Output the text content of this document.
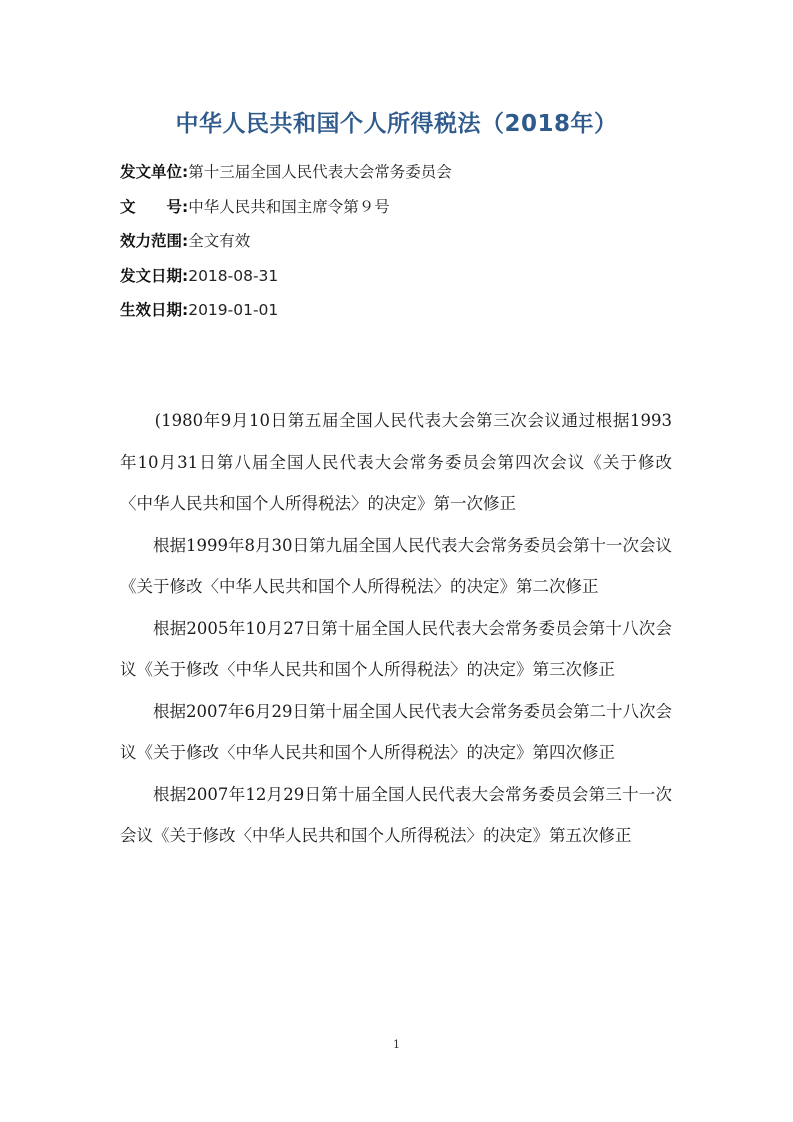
中华人民共和国个人所得税法（2018年）
发文单位:第十三届全国人民代表大会常务委员会
文　　号:中华人民共和国主席令第９号
效力范围:全文有效
发文日期:2018-08-31
生效日期:2019-01-01

(1980年9月10日第五届全国人民代表大会第三次会议通过根据1993年10月31日第八届全国人民代表大会常务委员会第四次会议《关于修改〈中华人民共和国个人所得税法〉的决定》第一次修正

根据1999年8月30日第九届全国人民代表大会常务委员会第十一次会议《关于修改〈中华人民共和国个人所得税法〉的决定》第二次修正

根据2005年10月27日第十届全国人民代表大会常务委员会第十八次会议《关于修改〈中华人民共和国个人所得税法〉的决定》第三次修正

根据2007年6月29日第十届全国人民代表大会常务委员会第二十八次会议《关于修改〈中华人民共和国个人所得税法〉的决定》第四次修正

根据2007年12月29日第十届全国人民代表大会常务委员会第三十一次会议《关于修改〈中华人民共和国个人所得税法〉的决定》第五次修正

1
